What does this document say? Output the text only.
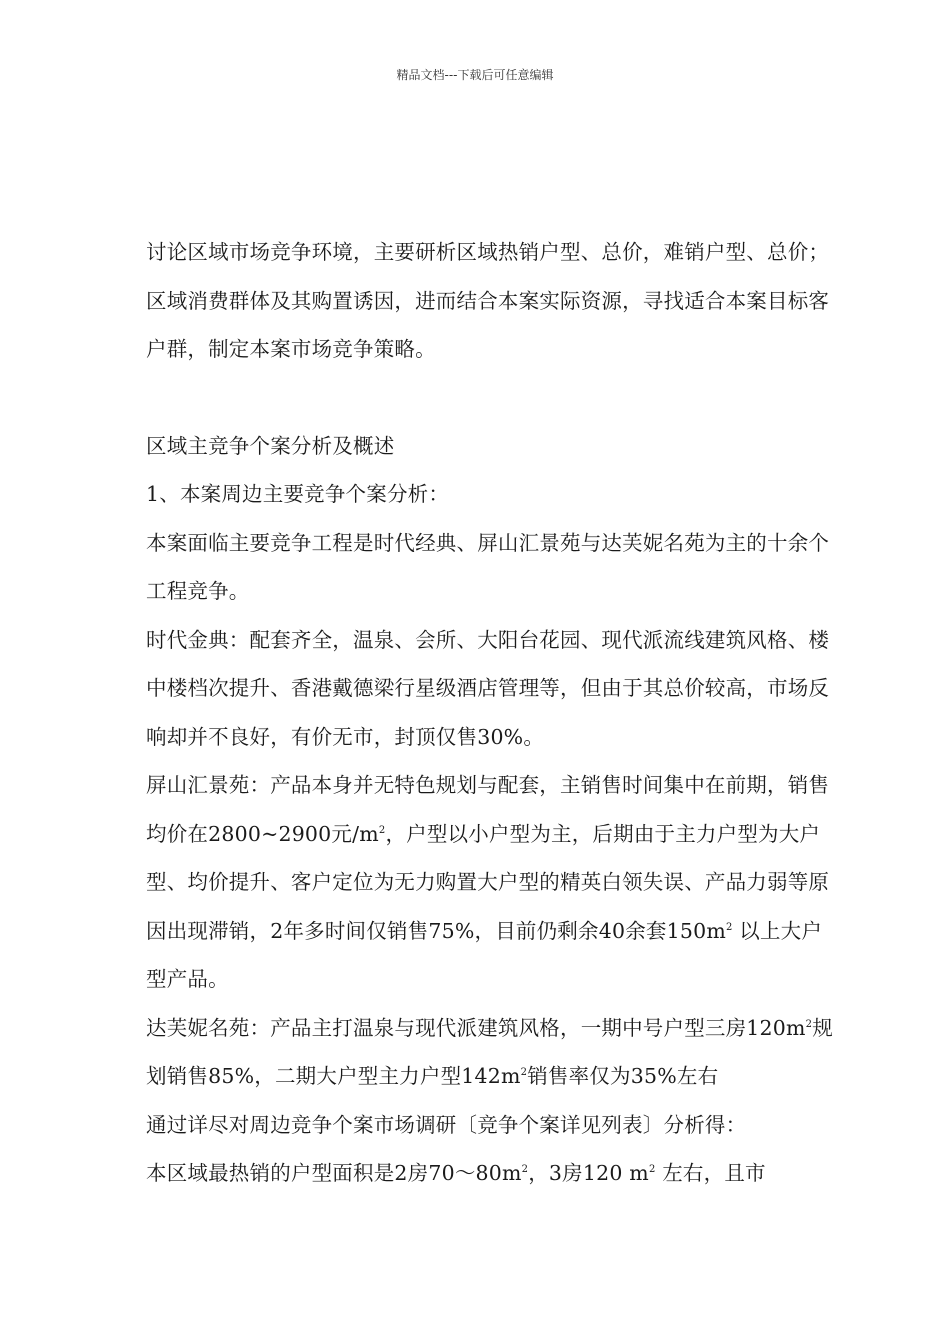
精品文档---下载后可任意编辑

讨论区域市场竞争环境，主要研析区域热销户型、总价，难销户型、总价；区域消费群体及其购置诱因，进而结合本案实际资源，寻找适合本案目标客户群，制定本案市场竞争策略。

区域主竞争个案分析及概述

1、本案周边主要竞争个案分析：

本案面临主要竞争工程是时代经典、屏山汇景苑与达芙妮名苑为主的十余个工程竞争。

时代金典：配套齐全，温泉、会所、大阳台花园、现代派流线建筑风格、楼中楼档次提升、香港戴德梁行星级酒店管理等，但由于其总价较高，市场反响却并不良好，有价无市，封顶仅售30%。

屏山汇景苑：产品本身并无特色规划与配套，主销售时间集中在前期，销售均价在2800~2900元$/m^2$，户型以小户型为主，后期由于主力户型为大户型、均价提升、客户定位为无力购置大户型的精英白领失误、产品力弱等原因出现滞销，2年多时间仅销售75%，目前仍剩余40余套$150m^2$ 以上大户型产品。

达芙妮名苑：产品主打温泉与现代派建筑风格，一期中号户型三房$120m^2$规划销售85%，二期大户型主力户型$142m^2$销售率仅为35%左右

通过详尽对周边竞争个案市场调研〔竞争个案详见列表〕分析得：

本区域最热销的户型面积是2房$70\sim 80m^2$，3房120 $m^2$ 左右，且市
